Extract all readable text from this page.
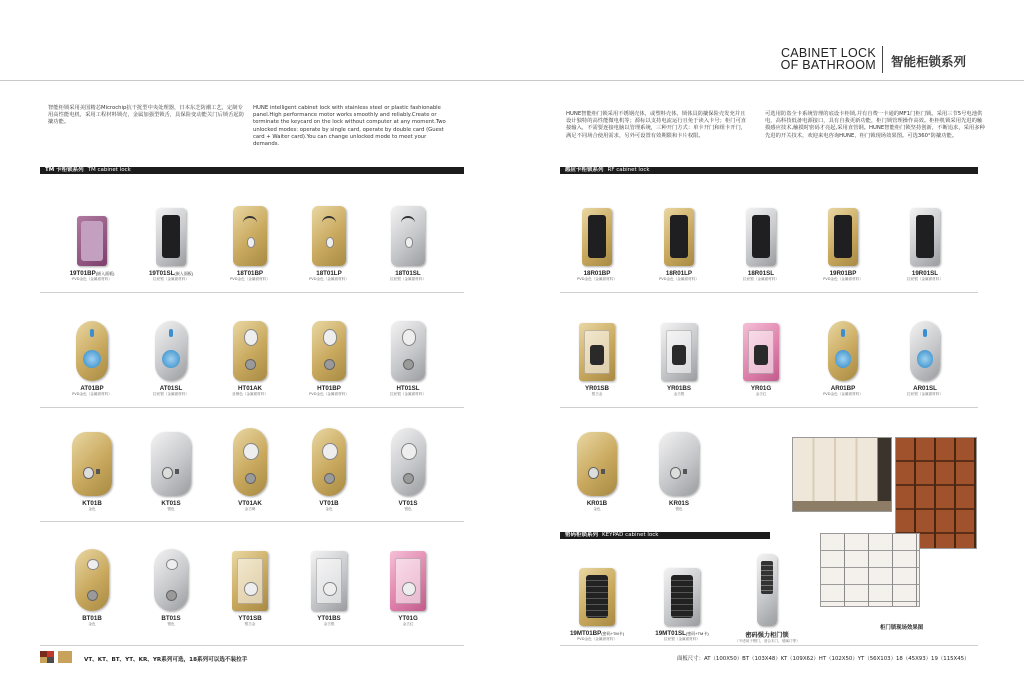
CABINET LOCK
OF BATHROOM 智能柜锁系列
智能柜锁采用美国精芯Microchip抗干扰型中央处理器，日本东芝防潮工艺，定制专用高性能电机，采用工程材料锁壳，金属加强型锁舌，具保险变动能关门后锁舌起防撬功能。
HUNE intelligent cabinet lock with stainless steel or plastic fashionable panel.High performance motor works smoothly and reliably.Create or terminate the keycard on the lock without computer at any moment.Two unlocked modes: operate by single card, operate by double card (Guest card + Waiter card).You can change unlocked mode to meet your demands.
HUNE智能柜门锁采用不锈钢壳体，或塑料壳体，锁体具防撬保险壳发充并且设计独特的高性能微电机等；源标以支持电流运行且免于读入卡号；柜门可直接输入，不需要连接电脑以管理系统，三种开门方式：单卡开门和组卡开门，满足不同场合使用需求，另外可设置有效期限和卡片权限。
可选用防盗全卡系统管理的底设卡柜锁,并有自费一卡通的MF1门柜门锁。采用三节5号电池供电，高科技低备电源接口，具有自我更新功能，柜门锁管理操作高效。柜柜机锁采用先进的触摸感应技术,触摸时密码才亮起,采用直管钢。HUNE智能柜门锁坚持创新，不断追求，采用多种先进的开关技术，欢迎来电咨询HUNE，柜门锁现场效果图。可选360°防撬功能。
TM 卡柜锁系列 TM cabinet lock	感应卡柜锁系列 RF cabinet lock
密码柜锁系列 KEYPAD cabinet lock
19T01BP(嵌入面板)
PVD金色（金属面材料）
19T01SL(嵌入面板)
拉丝银（金属面材料）
18T01BP
PVD金色（金属面材料）
18T01LP
PVD金色（金属面材料）
18T01SL
拉丝银（金属面材料）
AT01BP
PVD金色（金属面材料）
AT01SL
拉丝银（金属面材料）
HT01AK
亚铜色（金属面材料）
HT01BP
PVD金色（金属面材料）
HT01SL
拉丝银（金属面材料）
KT01B
金色
KT01S
银色
VT01AK
金古铜
VT01B
金色
VT01S
银色
BT01B
金色
BT01S
银色
YT01SB
银古金
YT01BS
金古银
YT01G
金古红
18R01BP
PVD金色（金属面材料）
18R01LP
PVD金色（金属面材料）
18R01SL
拉丝银（金属面材料）
19R01BP
PVD金色（金属面材料）
19R01SL
拉丝银（金属面材料）
YR01SB
银古金
YR01BS
金古银
YR01G
金古红
AR01BP
PVD金色（金属面材料）
AR01SL
拉丝银（金属面材料）
KR01B
金色
KR01S
银色
19MT01BP(密码+TM卡)
PVD金色（金属面材料）
19MT01SL(密码+TM卡)
拉丝银（金属面材料）	密码强力柜门锁
（不适用于钢门，适合木门，玻璃门等）
柜门锁现场效果图
VT、KT、BT、YT、KR、YR系列可选，18系列可以选不装拉手	面板尺寸：AT（100X50）BT（103X48）KT（109X62）HT（102X50）YT（56X103）18（45X93）19（115X45）
